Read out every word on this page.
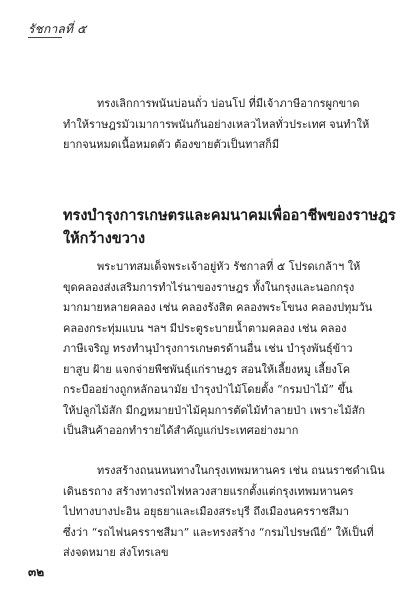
รัชกาลที่ ๕

ทรงเลิกการพนันบ่อนถั่ว บ่อนโป ที่มีเจ้าภาษีอากรผูกขาด
ทำให้ราษฎรมัวเมาการพนันกันอย่างเหลวไหลทั่วประเทศ จนทำให้
ยากจนหมดเนื้อหมดตัว ต้องขายตัวเป็นทาสก็มี

ทรงบำรุงการเกษตรและคมนาคมเพื่ออาชีพของราษฎร
ให้กว้างขวาง

พระบาทสมเด็จพระเจ้าอยู่หัว รัชกาลที่ ๕ โปรดเกล้าฯ ให้
ขุดคลองส่งเสริมการทำไร่นาของราษฎร ทั้งในกรุงและนอกกรุง
มากมายหลายคลอง เช่น คลองรังสิต คลองพระโขนง คลองปทุมวัน
คลองกระทุ่มแบน ฯลฯ มีประตูระบายน้ำตามคลอง เช่น คลอง
ภาษีเจริญ ทรงทำนุบำรุงการเกษตรด้านอื่น เช่น บำรุงพันธุ์ข้าว
ยาสูบ ฝ้าย แจกจ่ายพืชพันธุ์แก่ราษฎร สอนให้เลี้ยงหมู เลี้ยงโค
กระบืออย่างถูกหลักอนามัย บำรุงป่าไม้โดยตั้ง “กรมป่าไม้” ขึ้น
ให้ปลูกไม้สัก มีกฎหมายป่าไม้คุมการตัดไม้ทำลายป่า เพราะไม้สัก
เป็นสินค้าออกทำรายได้สำคัญแก่ประเทศอย่างมาก

ทรงสร้างถนนหนทางในกรุงเทพมหานคร เช่น ถนนราชดำเนิน
เดินธรถาง สร้างทางรถไฟหลวงสายแรกตั้งแต่กรุงเทพมหานคร
ไปทางบางปะอิน อยุธยาและเมืองสระบุรี ถึงเมืองนครราชสีมา
ซึ่งว่า “รถไฟนครราชสีมา” และทรงสร้าง “กรมไปรษณีย์” ให้เป็นที่
ส่งจดหมาย ส่งโทรเลข

๓๒
